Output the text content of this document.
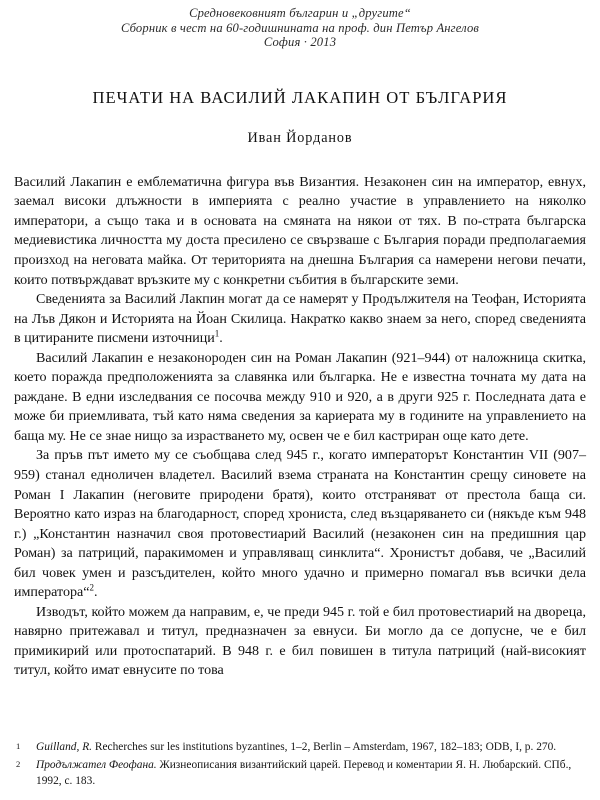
Средновековният българин и „другите“
Сборник в чест на 60-годишнината на проф. дин Петър Ангелов
София · 2013
ПЕЧАТИ НА ВАСИЛИЙ ЛАКАПИН ОТ БЪЛГАРИЯ
Иван Йорданов

Василий Лакапин е емблематична фигура във Византия. Незаконен син на император, евнух, заемал високи длъжности в империята с реално участие в управлението на няколко императори, а също така и в основата на смяната на някои от тях. В по-страта българска медиевистика личността му доста пресилено се свързваше с България поради предполагаемия произход на неговата майка. От територията на днешна България са намерени негови печати, които потвърждават връзките му с конкретни събития в българските земи.

Сведенията за Василий Лакпин могат да се намерят у Продължителя на Теофан, Историята на Лъв Дякон и Историята на Йоан Скилица. Накратко какво знаем за него, според сведенията в цитираните писмени източници$^1$.

Василий Лакапин е незаконороден син на Роман Лакапин (921–944) от наложница скитка, което поражда предположенията за славянка или българка. Не е известна точната му дата на раждане. В едни изследвания се посочва между 910 и 920, а в други 925 г. Последната дата е може би приемливата, тъй като няма сведения за кариерата му в годините на управлението на баща му. Не се знае нищо за израстването му, освен че е бил кастриран още като дете.

За пръв път името му се съобщава след 945 г., когато императорът Константин VII (907–959) станал едноличен владетел. Василий взема страната на Константин срещу синовете на Роман I Лакапин (неговите природени братя), които отстраняват от престола баща си. Вероятно като израз на благодарност, според хрониста, след възцаряването си (някъде към 948 г.) „Константин назначил своя протовестиарий Василий (незаконен син на предишния цар Роман) за патриций, паракимомен и управляващ синклита“. Хронистът добавя, че „Василий бил човек умен и разсъдителен, който много удачно и примерно помагал във всички дела императора“$^2$.

Изводът, който можем да направим, е, че преди 945 г. той е бил протовестиарий на двореца, навярно притежавал и титул, предназначен за евнуси. Би могло да се допусне, че е бил примикирий или протоспатарий. В 948 г. е бил повишен в титула патриций (най-високият титул, който имат евнусите по това

1 Guilland, R. Recherches sur les institutions byzantines, 1–2, Berlin – Amsterdam, 1967, 182–183; ODB, I, p. 270.
2 Продължател Феофана. Жизнеописания византийский царей. Перевод и коментарии Я. Н. Любарский. СПб., 1992, с. 183.
